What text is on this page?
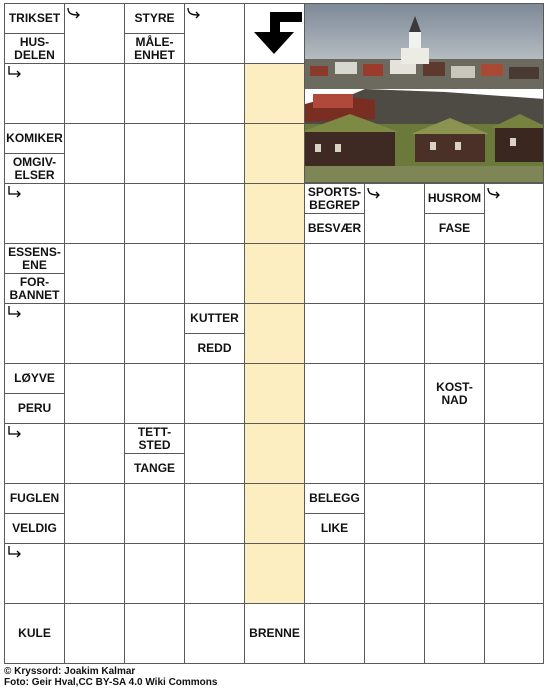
TRIKSET
HUS-
DELEN
KOMIKER
OMGIV-
ELSER
ESSENS-
ENE
FOR-
BANNET
LØYVE
PERU
FUGLEN
VELDIG
KULE
STYRE
MÅLE-
ENHET
TETT-
STED
TANGE
KUTTER
REDD
BRENNE
SPORTS-
BEGREP
BESVÆR
BELEGG
LIKE
HUSROM
FASE
KOST-
NAD
© Kryssord: Joakim Kalmar
Foto: Geir Hval,CC BY-SA 4.0 Wiki Commons
